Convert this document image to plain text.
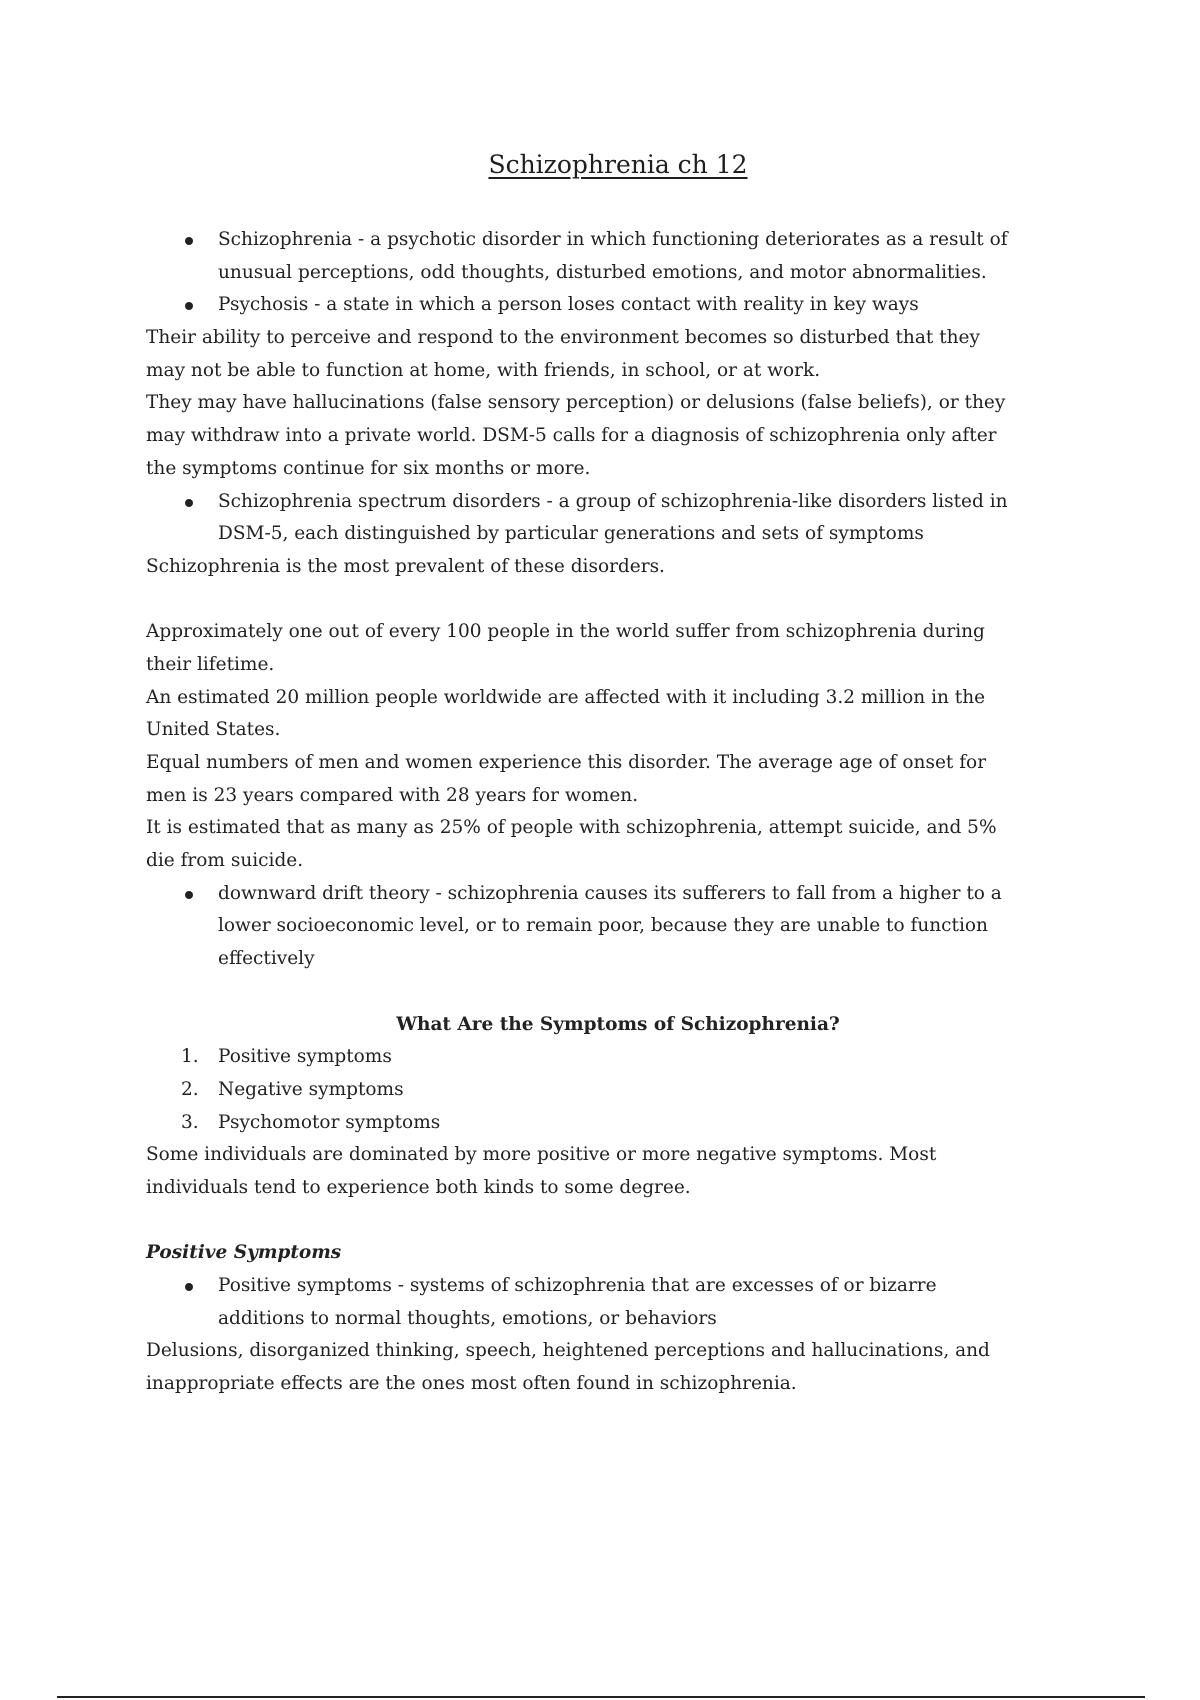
Schizophrenia ch 12
Schizophrenia - a psychotic disorder in which functioning deteriorates as a result of
unusual perceptions, odd thoughts, disturbed emotions, and motor abnormalities.
Psychosis - a state in which a person loses contact with reality in key ways
Their ability to perceive and respond to the environment becomes so disturbed that they
may not be able to function at home, with friends, in school, or at work.
They may have hallucinations (false sensory perception) or delusions (false beliefs), or they
may withdraw into a private world. DSM-5 calls for a diagnosis of schizophrenia only after
the symptoms continue for six months or more.
Schizophrenia spectrum disorders - a group of schizophrenia-like disorders listed in
DSM-5, each distinguished by particular generations and sets of symptoms
Schizophrenia is the most prevalent of these disorders.
Approximately one out of every 100 people in the world suffer from schizophrenia during
their lifetime.
An estimated 20 million people worldwide are affected with it including 3.2 million in the
United States.
Equal numbers of men and women experience this disorder. The average age of onset for
men is 23 years compared with 28 years for women.
It is estimated that as many as 25% of people with schizophrenia, attempt suicide, and 5%
die from suicide.
downward drift theory - schizophrenia causes its sufferers to fall from a higher to a
lower socioeconomic level, or to remain poor, because they are unable to function
effectively
What Are the Symptoms of Schizophrenia?
1. Positive symptoms
2. Negative symptoms
3. Psychomotor symptoms
Some individuals are dominated by more positive or more negative symptoms. Most
individuals tend to experience both kinds to some degree.
Positive Symptoms
Positive symptoms - systems of schizophrenia that are excesses of or bizarre
additions to normal thoughts, emotions, or behaviors
Delusions, disorganized thinking, speech, heightened perceptions and hallucinations, and
inappropriate effects are the ones most often found in schizophrenia.
